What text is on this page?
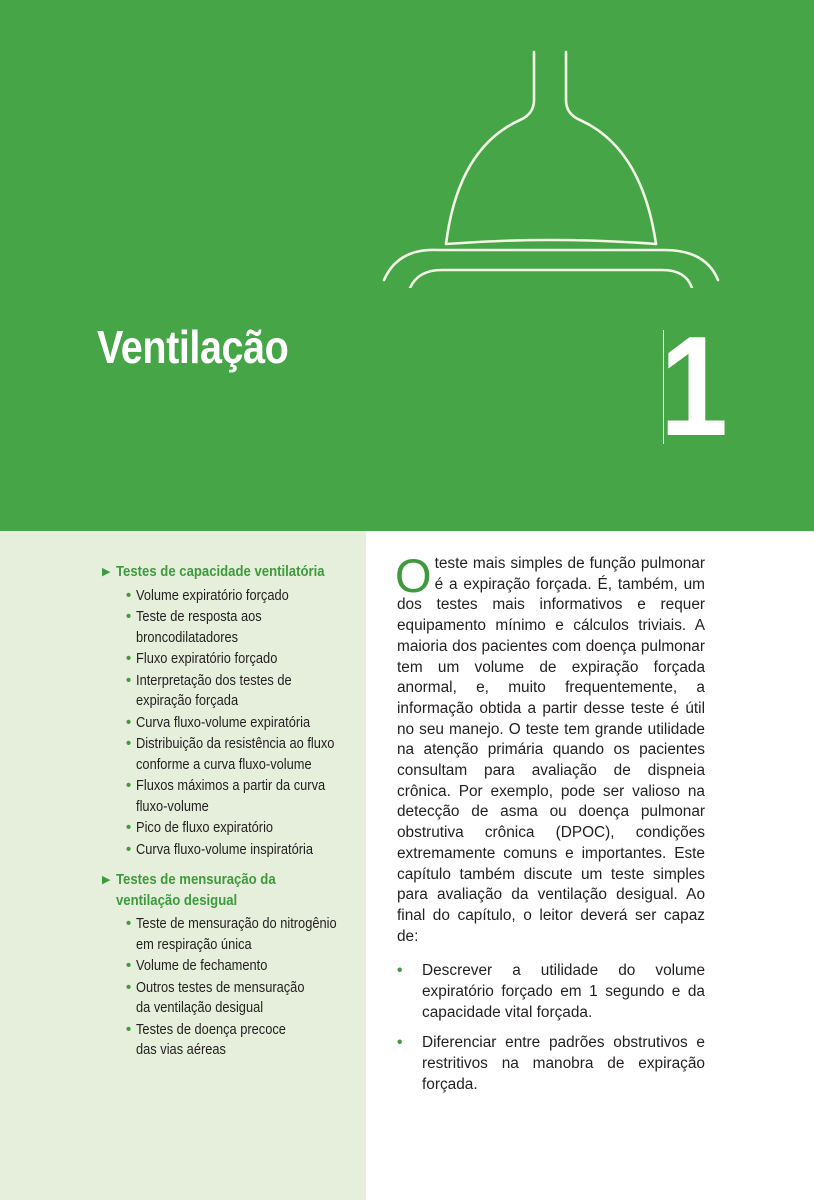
Ventilação	1
▶ Testes de capacidade ventilatória
• Volume expiratório forçado
• Teste de resposta aos
broncodilatadores
• Fluxo expiratório forçado
• Interpretação dos testes de
expiração forçada
• Curva fluxo-volume expiratória
• Distribuição da resistência ao fluxo
conforme a curva fluxo-volume
• Fluxos máximos a partir da curva
fluxo-volume
• Pico de fluxo expiratório
• Curva fluxo-volume inspiratória
▶ Testes de mensuração da ventilação desigual
• Teste de mensuração do nitrogênio
em respiração única
• Volume de fechamento
• Outros testes de mensuração
da ventilação desigual
• Testes de doença precoce
das vias aéreas

Oteste mais simples de função pulmonar é a expiração forçada. É, também, um dos testes mais informativos e requer equipamento mínimo e cálculos triviais. A maioria dos pacientes com doença pulmonar tem um volume de expiração forçada anormal, e, muito frequentemente, a informação obtida a partir desse teste é útil no seu manejo. O teste tem grande utilidade na atenção primária quando os pacientes consultam para avaliação de dispneia crônica. Por exemplo, pode ser valioso na detecção de asma ou doença pulmonar obstrutiva crônica (DPOC), condições extremamente comuns e importantes. Este capítulo também discute um teste simples para avaliação da ventilação desigual. Ao final do capítulo, o leitor deverá ser capaz de:

• Descrever a utilidade do volume expiratório forçado em 1 segundo e da capacidade vital forçada.
• Diferenciar entre padrões obstrutivos e restritivos na manobra de expiração forçada.
